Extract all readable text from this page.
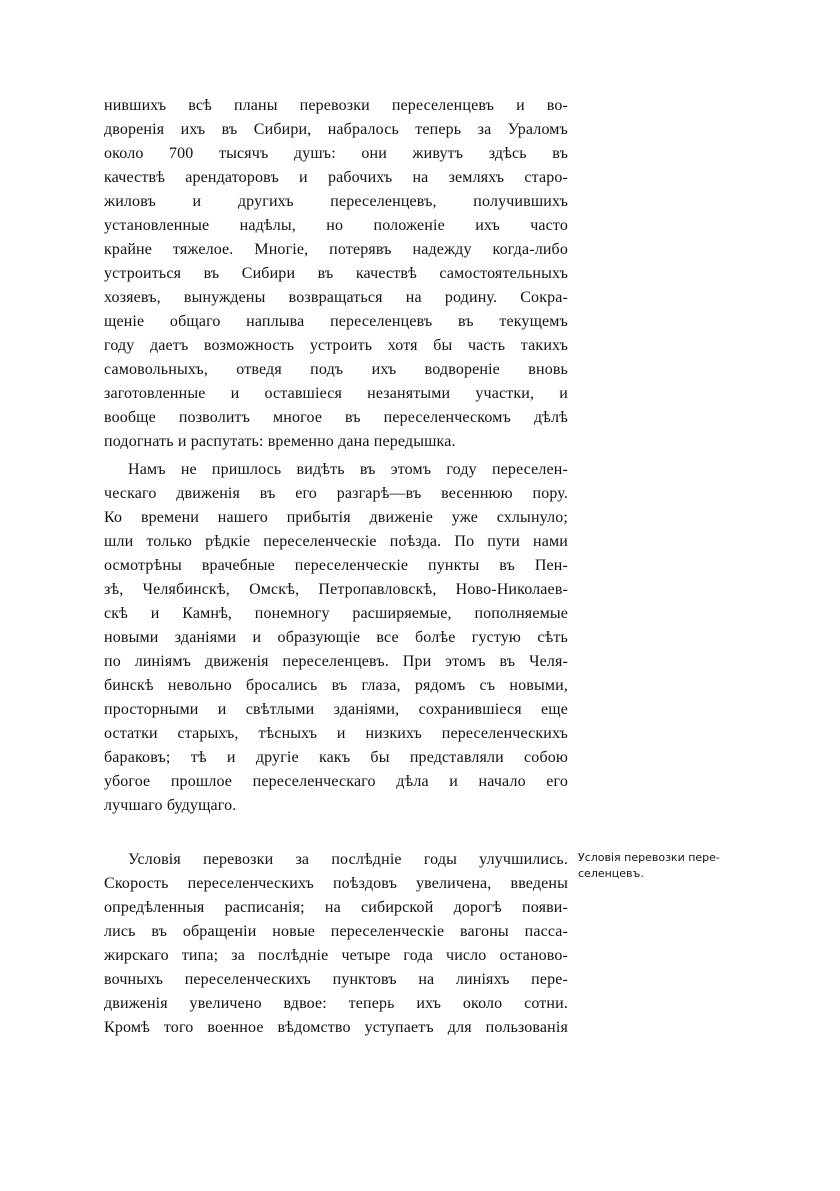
нившихъ всѣ планы перевозки переселенцевъ и во-
дворенія ихъ въ Сибири, набралось теперь за Ураломъ
около 700 тысячъ душъ: они живутъ здѣсь въ
качествѣ арендаторовъ и рабочихъ на земляхъ старо-
жиловъ и другихъ переселенцевъ, получившихъ
установленные надѣлы, но положеніе ихъ часто
крайне тяжелое. Многіе, потерявъ надежду когда-либо
устроиться въ Сибири въ качествѣ самостоятельныхъ
хозяевъ, вынуждены возвращаться на родину. Сокра-
щеніе общаго наплыва переселенцевъ въ текущемъ
году даетъ возможность устроить хотя бы часть такихъ
самовольныхъ, отведя подъ ихъ водвореніе вновь
заготовленные и оставшіеся незанятыми участки, и
вообще позволитъ многое въ переселенческомъ дѣлѣ
подогнать и распутать: временно дана передышка.
Намъ не пришлось видѣть въ этомъ году переселен-
ческаго движенія въ его разгарѣ—въ весеннюю пору.
Ко времени нашего прибытія движеніе уже схлынуло;
шли только рѣдкіе переселенческіе поѣзда. По пути нами
осмотрѣны врачебные переселенческіе пункты въ Пен-
зѣ, Челябинскѣ, Омскѣ, Петропавловскѣ, Ново-Николаев-
скѣ и Камнѣ, понемногу расширяемые, пополняемые
новыми зданіями и образующіе все болѣе густую сѣть
по линіямъ движенія переселенцевъ. При этомъ въ Челя-
бинскѣ невольно бросались въ глаза, рядомъ съ новыми,
просторными и свѣтлыми зданіями, сохранившіеся еще
остатки старыхъ, тѣсныхъ и низкихъ переселенческихъ
бараковъ; тѣ и другіе какъ бы представляли собою
убогое прошлое переселенческаго дѣла и начало его
лучшаго будущаго.
Условія перевозки за послѣдніе годы улучшились.
Скорость переселенческихъ поѣздовъ увеличена, введены
опредѣленныя расписанія; на сибирской дорогѣ появи-
лись въ обращеніи новые переселенческіе вагоны пасса-
жирскаго типа; за послѣдніе четыре года число останово-
вочныхъ переселенческихъ пунктовъ на линіяхъ пере-
движенія увеличено вдвое: теперь ихъ около сотни.
Кромѣ того военное вѣдомство уступаетъ для пользованія
Условія перевозки пере-
селенцевъ.
